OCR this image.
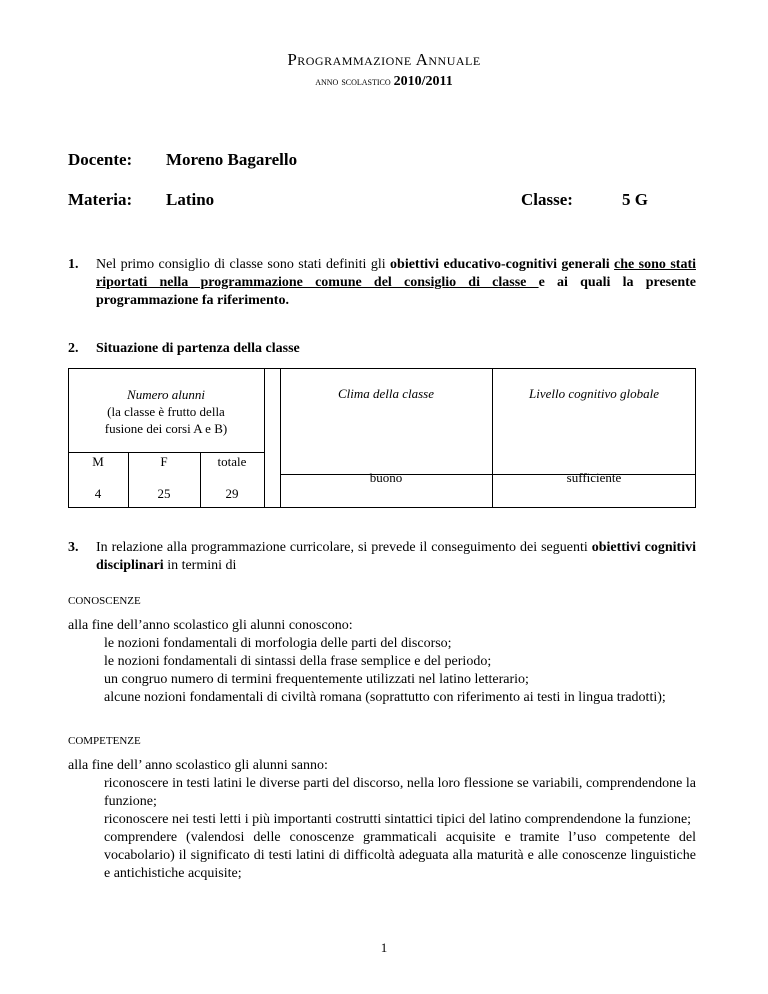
Programmazione Annuale
anno scolastico 2010/2011
Docente: Moreno Bagarello
Materia: Latino	Classe:	5 G
1. Nel primo consiglio di classe sono stati definiti gli obiettivi educativo-cognitivi generali che sono stati riportati nella programmazione comune del consiglio di classe e ai quali la presente programmazione fa riferimento.
2. Situazione di partenza della classe
Numero alunni
(la classe è frutto della
fusione dei corsi A e B)
Clima della classe	Livello cognitivo globale
M	F	totale
4	25	29
buono	sufficiente
3. In relazione alla programmazione curricolare, si prevede il conseguimento dei seguenti obiettivi cognitivi disciplinari in termini di
CONOSCENZE
alla fine dell’anno scolastico gli alunni conoscono:
le nozioni fondamentali di morfologia delle parti del discorso;
le nozioni fondamentali di sintassi della frase semplice e del periodo;
un congruo numero di termini frequentemente utilizzati nel latino letterario;
alcune nozioni fondamentali di civiltà romana (soprattutto con riferimento ai testi in lingua tradotti);
COMPETENZE
alla fine dell’ anno scolastico gli alunni sanno:
riconoscere in testi latini le diverse parti del discorso, nella loro flessione se variabili, comprendendone la funzione;
riconoscere nei testi letti i più importanti costrutti sintattici tipici del latino comprendendone la funzione;
comprendere (valendosi delle conoscenze grammaticali acquisite e tramite l’uso competente del vocabolario) il significato di testi latini di difficoltà adeguata alla maturità e alle conoscenze linguistiche e antichistiche acquisite;
1
